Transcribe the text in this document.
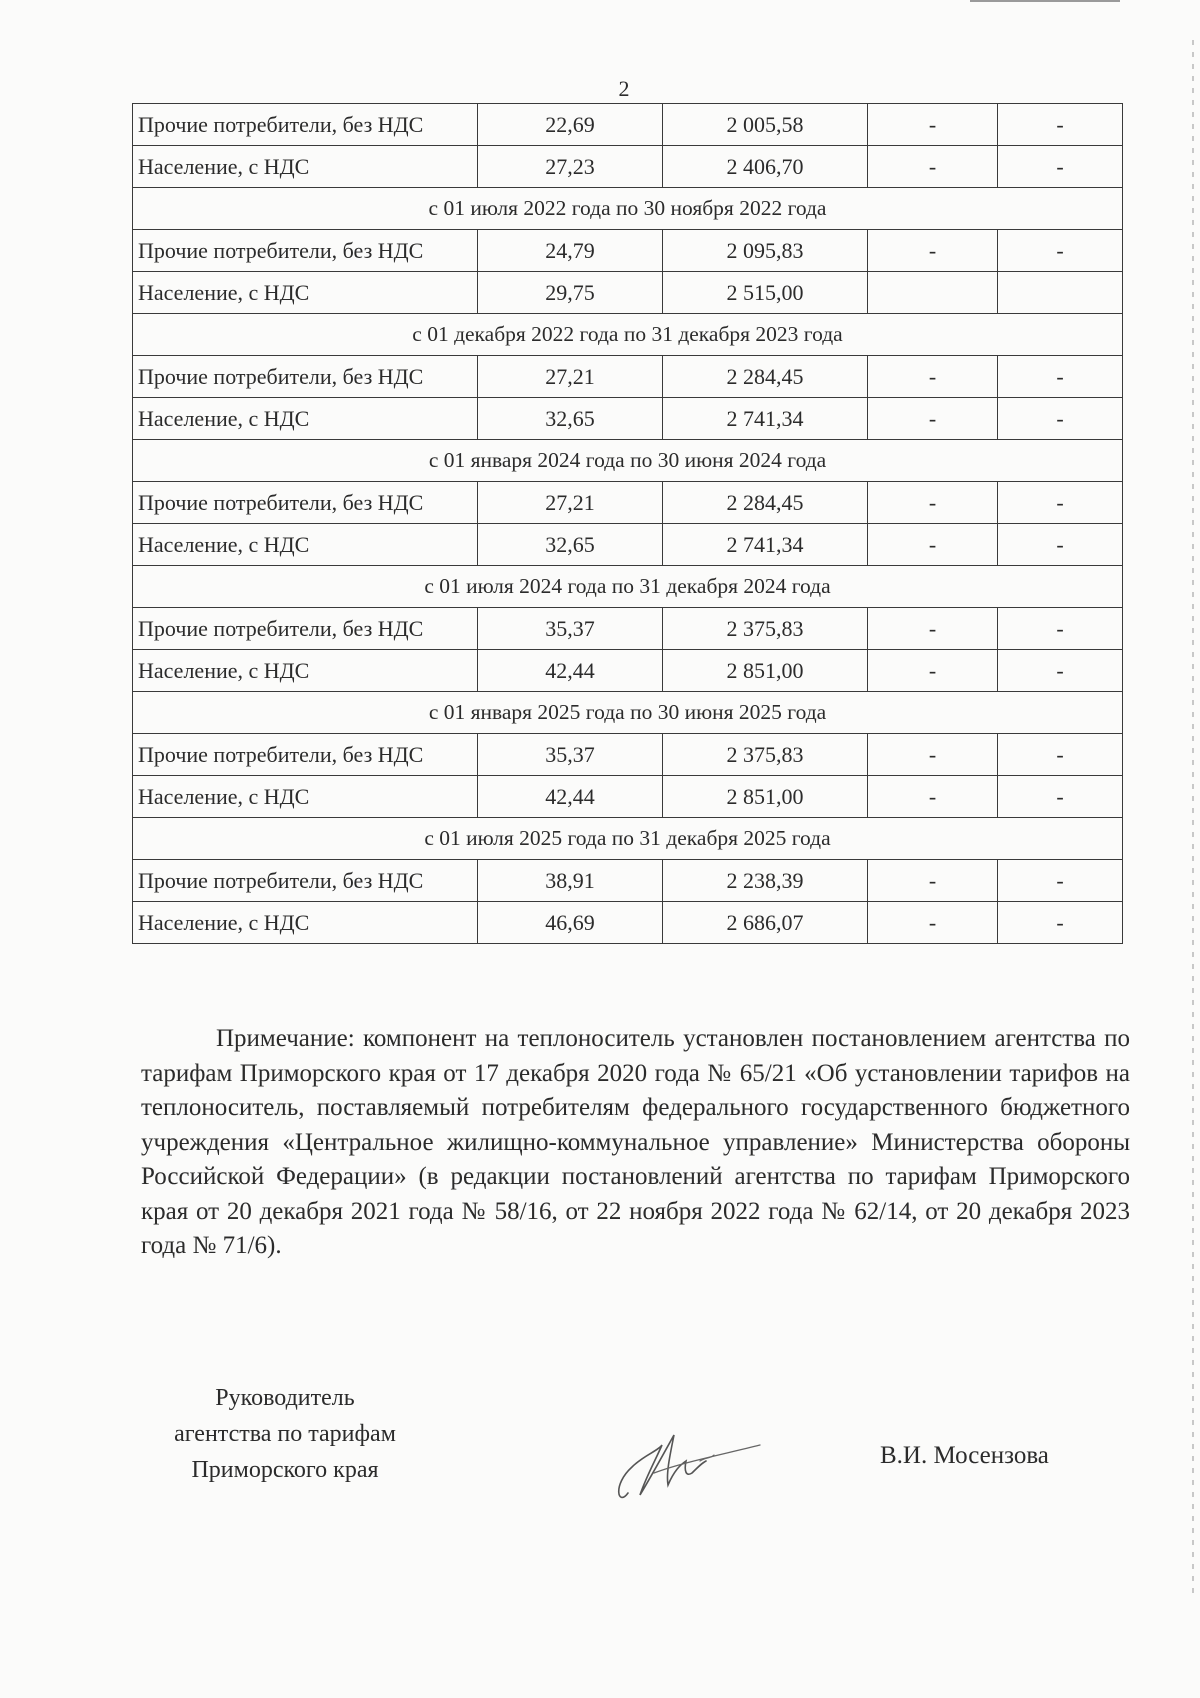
2
Прочие потребители, без НДС	22,69	2 005,58	-	-
Население, с НДС	27,23	2 406,70	-	-
с 01 июля 2022 года по 30 ноября 2022 года				
Прочие потребители, без НДС	24,79	2 095,83	-	-
Население, с НДС	29,75	2 515,00		
с 01 декабря 2022 года по 31 декабря 2023 года				
Прочие потребители, без НДС	27,21	2 284,45	-	-
Население, с НДС	32,65	2 741,34	-	-
с 01 января 2024 года по 30 июня 2024 года				
Прочие потребители, без НДС	27,21	2 284,45	-	-
Население, с НДС	32,65	2 741,34	-	-
с 01 июля 2024 года по 31 декабря 2024 года				
Прочие потребители, без НДС	35,37	2 375,83	-	-
Население, с НДС	42,44	2 851,00	-	-
с 01 января 2025 года по 30 июня 2025 года				
Прочие потребители, без НДС	35,37	2 375,83	-	-
Население, с НДС	42,44	2 851,00	-	-
с 01 июля 2025 года по 31 декабря 2025 года				
Прочие потребители, без НДС	38,91	2 238,39	-	-
Население, с НДС	46,69	2 686,07	-	-

Примечание: компонент на теплоноситель установлен постановлением агентства по тарифам Приморского края от 17 декабря 2020 года № 65/21 «Об установлении тарифов на теплоноситель, поставляемый потребителям федерального государственного бюджетного учреждения «Центральное жилищно-коммунальное управление» Министерства обороны Российской Федерации» (в редакции постановлений агентства по тарифам Приморского края от 20 декабря 2021 года № 58/16, от 22 ноября 2022 года № 62/14, от 20 декабря 2023 года № 71/6).

Руководитель
агентства по тарифам
Приморского края
В.И. Мосензова
